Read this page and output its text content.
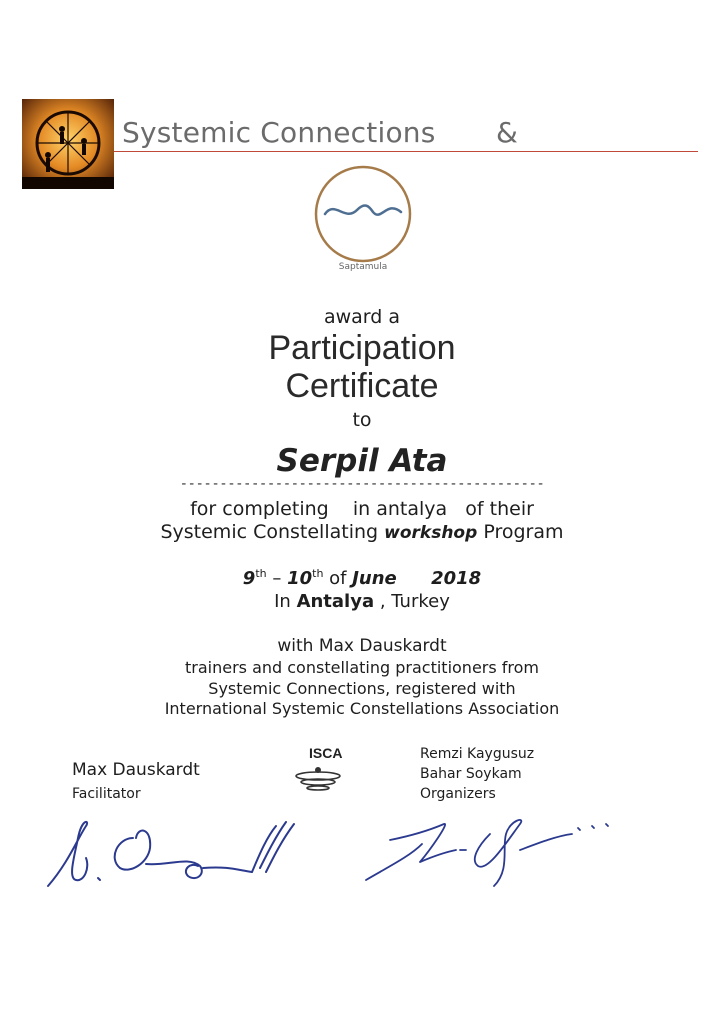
Systemic Connections &
Saptamula
award a
Participation
Certificate
to
Serpil Ata
----------------------------------------------
for completing    in antalya   of their
Systemic Constellating workshop Program
9th – 10th of June 2018
In Antalya , Turkey
with Max Dauskardt
trainers and constellating practitioners from
Systemic Connections, registered with
International Systemic Constellations Association
Max Dauskardt
Facilitator
ISCA	Remzi Kaygusuz
Bahar Soykam
Organizers
